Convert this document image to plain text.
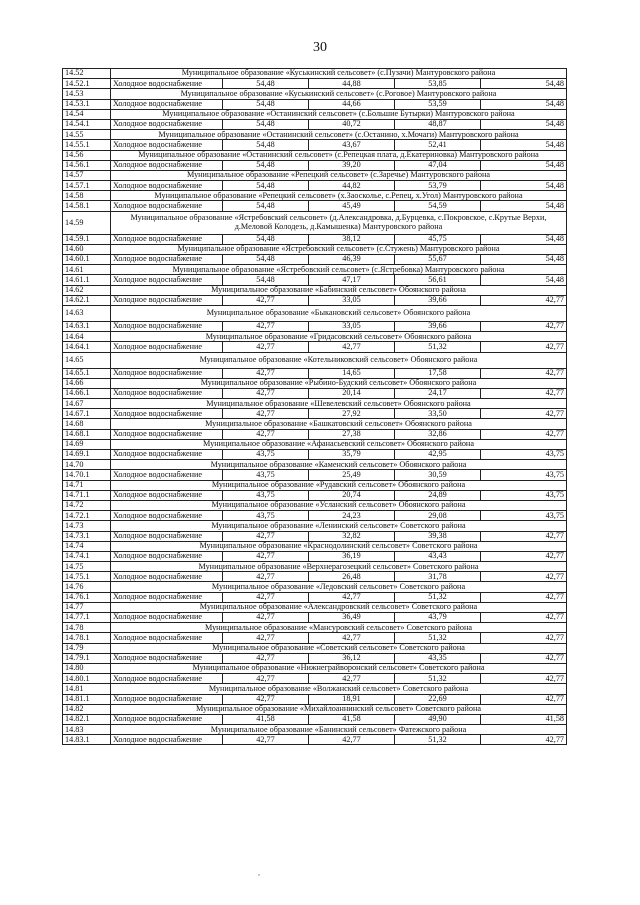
30
14.52	Муниципальное образование «Куськинский сельсовет» (с.Пузачи) Мантуровского района				
14.52.1	Холодное водоснабжение	54,48	44,88	53,85	54,48
14.53	Муниципальное образование «Куськинский сельсовет» (с.Роговое) Мантуровского района				
14.53.1	Холодное водоснабжение	54,48	44,66	53,59	54,48
14.54	Муниципальное образование «Останинский сельсовет» (с.Большие Бутырки) Мантуровского района				
14.54.1	Холодное водоснабжение	54,48	40,72	48,87	54,48
14.55	Муниципальное образование «Останинский сельсовет» (с.Останино, х.Мочаги) Мантуровского района				
14.55.1	Холодное водоснабжение	54,48	43,67	52,41	54,48
14.56	Муниципальное образование «Останинский сельсовет» (с.Репецкая плата, д.Екатериновка) Мантуровского района				
14.56.1	Холодное водоснабжение	54,48	39,20	47,04	54,48
14.57	Муниципальное образование «Репецкий сельсовет» (с.Заречье) Мантуровского района				
14.57.1	Холодное водоснабжение	54,48	44,82	53,79	54,48
14.58	Муниципальное образование «Репецкий сельсовет» (х.Заосколье, с.Репец, х.Угол) Мантуровского района				
14.58.1	Холодное водоснабжение	54,48	45,49	54,59	54,48
14.59	Муниципальное образование «Ястребовский сельсовет» (д.Александровка, д.Бурцевка, с.Покровское, с.Крутые Верхи, д.Меловой Колодезь, д.Камышенка) Мантуровского района				
14.59.1	Холодное водоснабжение	54,48	38,12	45,75	54,48
14.60	Муниципальное образование «Ястребовский сельсовет» (с.Стужень) Мантуровского района				
14.60.1	Холодное водоснабжение	54,48	46,39	55,67	54,48
14.61	Муниципальное образование «Ястребовский сельсовет» (с.Ястребовка) Мантуровского района				
14.61.1	Холодное водоснабжение	54,48	47,17	56,61	54,48
14.62	Муниципальное образование «Бабинский сельсовет» Обоянского района				
14.62.1	Холодное водоснабжение	42,77	33,05	39,66	42,77
14.63	Муниципальное образование «Быкановский сельсовет» Обоянского района				
14.63.1	Холодное водоснабжение	42,77	33,05	39,66	42,77
14.64	Муниципальное образование «Гридасовский сельсовет» Обоянского района				
14.64.1	Холодное водоснабжение	42,77	42,77	51,32	42,77
14.65	Муниципальное образование «Котельниковский сельсовет» Обоянского района				
14.65.1	Холодное водоснабжение	42,77	14,65	17,58	42,77
14.66	Муниципальное образование «Рыбино-Будский сельсовет» Обоянского района				
14.66.1	Холодное водоснабжение	42,77	20,14	24,17	42,77
14.67	Муниципальное образование «Шевелевский сельсовет» Обоянского района				
14.67.1	Холодное водоснабжение	42,77	27,92	33,50	42,77
14.68	Муниципальное образование «Башкатовский сельсовет» Обоянского района				
14.68.1	Холодное водоснабжение	42,77	27,38	32,86	42,77
14.69	Муниципальное образование «Афанасьевский сельсовет» Обоянского района				
14.69.1	Холодное водоснабжение	43,75	35,79	42,95	43,75
14.70	Муниципальное образование «Каменский сельсовет» Обоянского района				
14.70.1	Холодное водоснабжение	43,75	25,49	30,59	43,75
14.71	Муниципальное образование «Рудавский сельсовет» Обоянского района				
14.71.1	Холодное водоснабжение	43,75	20,74	24,89	43,75
14.72	Муниципальное образование «Усланский сельсовет» Обоянского района				
14.72.1	Холодное водоснабжение	43,75	24,23	29,08	43,75
14.73	Муниципальное образование «Ленинский сельсовет» Советского района				
14.73.1	Холодное водоснабжение	42,77	32,82	39,38	42,77
14.74	Муниципальное образование «Краснодолинский сельсовет» Советского района				
14.74.1	Холодное водоснабжение	42,77	36,19	43,43	42,77
14.75	Муниципальное образование «Верхнерагозецкий сельсовет» Советского района				
14.75.1	Холодное водоснабжение	42,77	26,48	31,78	42,77
14.76	Муниципальное образование «Ледовский сельсовет» Советского района				
14.76.1	Холодное водоснабжение	42,77	42,77	51,32	42,77
14.77	Муниципальное образование «Александровский сельсовет» Советского района				
14.77.1	Холодное водоснабжение	42,77	36,49	43,79	42,77
14.78	Муниципальное образование «Мансуровский сельсовет» Советского района				
14.78.1	Холодное водоснабжение	42,77	42,77	51,32	42,77
14.79	Муниципальное образование «Советский сельсовет» Советского района				
14.79.1	Холодное водоснабжение	42,77	36,12	43,35	42,77
14.80	Муниципальное образование «Нижнеграйворонский сельсовет» Советского района				
14.80.1	Холодное водоснабжение	42,77	42,77	51,32	42,77
14.81	Муниципальное образование «Волжанский сельсовет» Советского района				
14.81.1	Холодное водоснабжение	42,77	18,91	22,69	42,77
14.82	Муниципальное образование «Михайлоаннинский сельсовет» Советского района				
14.82.1	Холодное водоснабжение	41,58	41,58	49,90	41,58
14.83	Муниципальное образование «Банинский сельсовет» Фатежского района				
14.83.1	Холодное водоснабжение	42,77	42,77	51,32	42,77
,
